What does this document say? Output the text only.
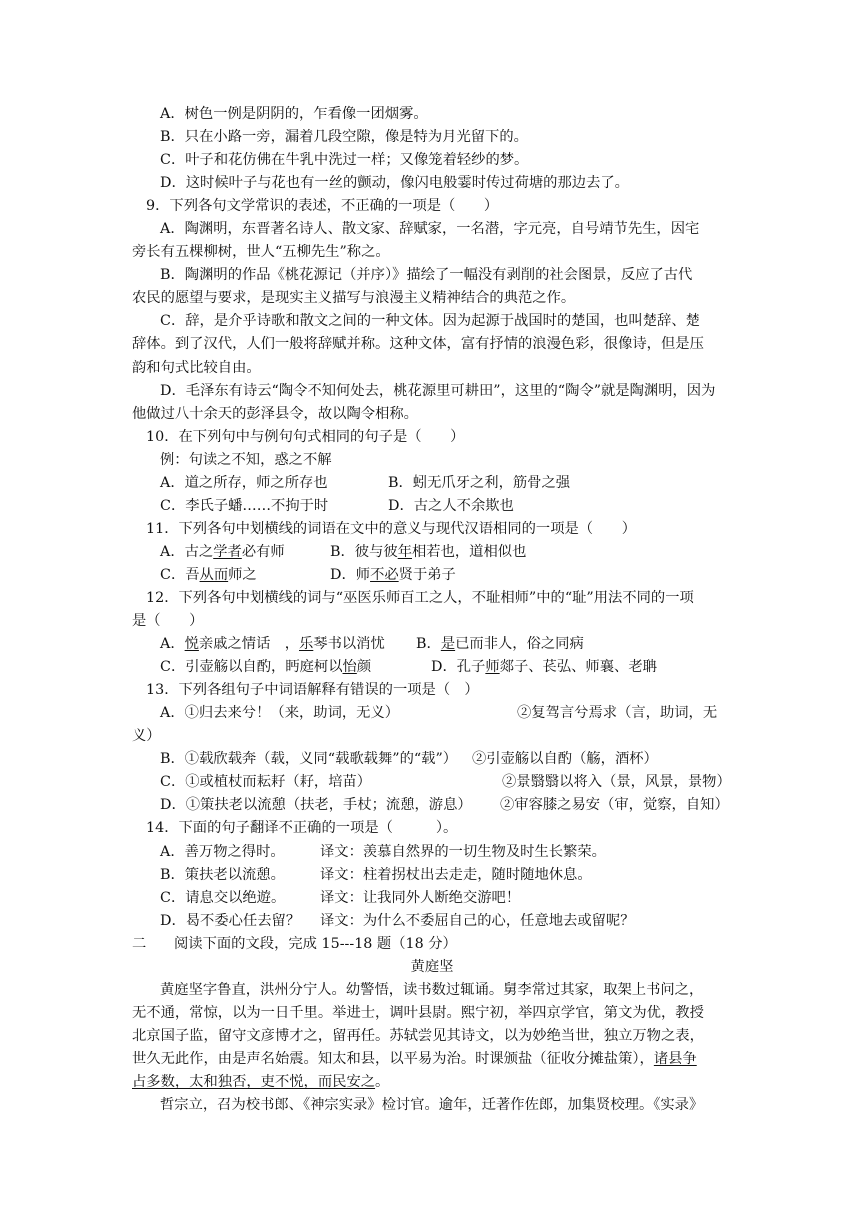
A．树色一例是阴阴的，乍看像一团烟雾。
B．只在小路一旁，漏着几段空隙，像是特为月光留下的。
C．叶子和花仿佛在牛乳中洗过一样；又像笼着轻纱的梦。
D．这时候叶子与花也有一丝的颤动，像闪电般霎时传过荷塘的那边去了。
9．下列各句文学常识的表述，不正确的一项是（　　）
A．陶渊明，东晋著名诗人、散文家、辞赋家，一名潜，字元亮，自号靖节先生，因宅
旁长有五棵柳树，世人“五柳先生”称之。
B．陶渊明的作品《桃花源记（并序）》描绘了一幅没有剥削的社会图景，反应了古代
农民的愿望与要求，是现实主义描写与浪漫主义精神结合的典范之作。
C．辞，是介乎诗歌和散文之间的一种文体。因为起源于战国时的楚国，也叫楚辞、楚
辞体。到了汉代，人们一般将辞赋并称。这种文体，富有抒情的浪漫色彩，很像诗，但是压
韵和句式比较自由。
D．毛泽东有诗云“陶令不知何处去，桃花源里可耕田”，这里的“陶令”就是陶渊明，因为
他做过八十余天的彭泽县令，故以陶令相称。
10．在下列句中与例句句式相同的句子是（　　）
例：句读之不知，惑之不解
A．道之所存，师之所存也	B．蚓无爪牙之利，筋骨之强
C．李氏子蟠……不拘于时	D．古之人不余欺也
11．下列各句中划横线的词语在文中的意义与现代汉语相同的一项是（　　）
A．古之学者必有师	B．彼与彼年相若也，道相似也
C．吾从而师之	D．师不必贤于弟子
12．下列各句中划横线的词与“巫医乐师百工之人，不耻相师”中的“耻”用法不同的一项
是（　　）
A．悦亲戚之情话　，乐琴书以消忧 B．是已而非人，俗之同病
C．引壶觞以自酌，眄庭柯以怡颜	D．孔子师郯子、苌弘、师襄、老聃
13．下列各组句子中词语解释有错误的一项是（　）
A．①归去来兮！（来，助词，无义）	②复驾言兮焉求（言，助词，无
义）
B．①载欣载奔（载，义同“载歌载舞”的“载”） ②引壶觞以自酌（觞，酒杯）
C．①或植杖而耘耔（耔，培苗）	②景翳翳以将入（景，风景，景物）
D．①策扶老以流憩（扶老，手杖；流憩，游息） ②审容膝之易安（审，觉察，自知）
14．下面的句子翻译不正确的一项是（　　　）。
A．善万物之得时。 译文：羡慕自然界的一切生物及时生长繁荣。
B．策扶老以流憩。 译文：柱着拐杖出去走走，随时随地休息。
C．请息交以绝遊。 译文：让我同外人断绝交游吧！
D．曷不委心任去留？ 译文：为什么不委屈自己的心，任意地去或留呢？
二 阅读下面的文段，完成 15---18 题（18 分）
黄庭坚
黄庭坚字鲁直，洪州分宁人。幼警悟，读书数过辄诵。舅李常过其家，取架上书问之，
无不通，常惊，以为一日千里。举进士，调叶县尉。熙宁初，举四京学官，第文为优，教授
北京国子监，留守文彦博才之，留再任。苏轼尝见其诗文，以为妙绝当世，独立万物之表，
世久无此作，由是声名始震。知太和县，以平易为治。时课颁盐（征收分摊盐策），诸县争
占多数，太和独否，吏不悦，而民安之。
哲宗立，召为校书郎、《神宗实录》检讨官。逾年，迁著作佐郎，加集贤校理。《实录》
